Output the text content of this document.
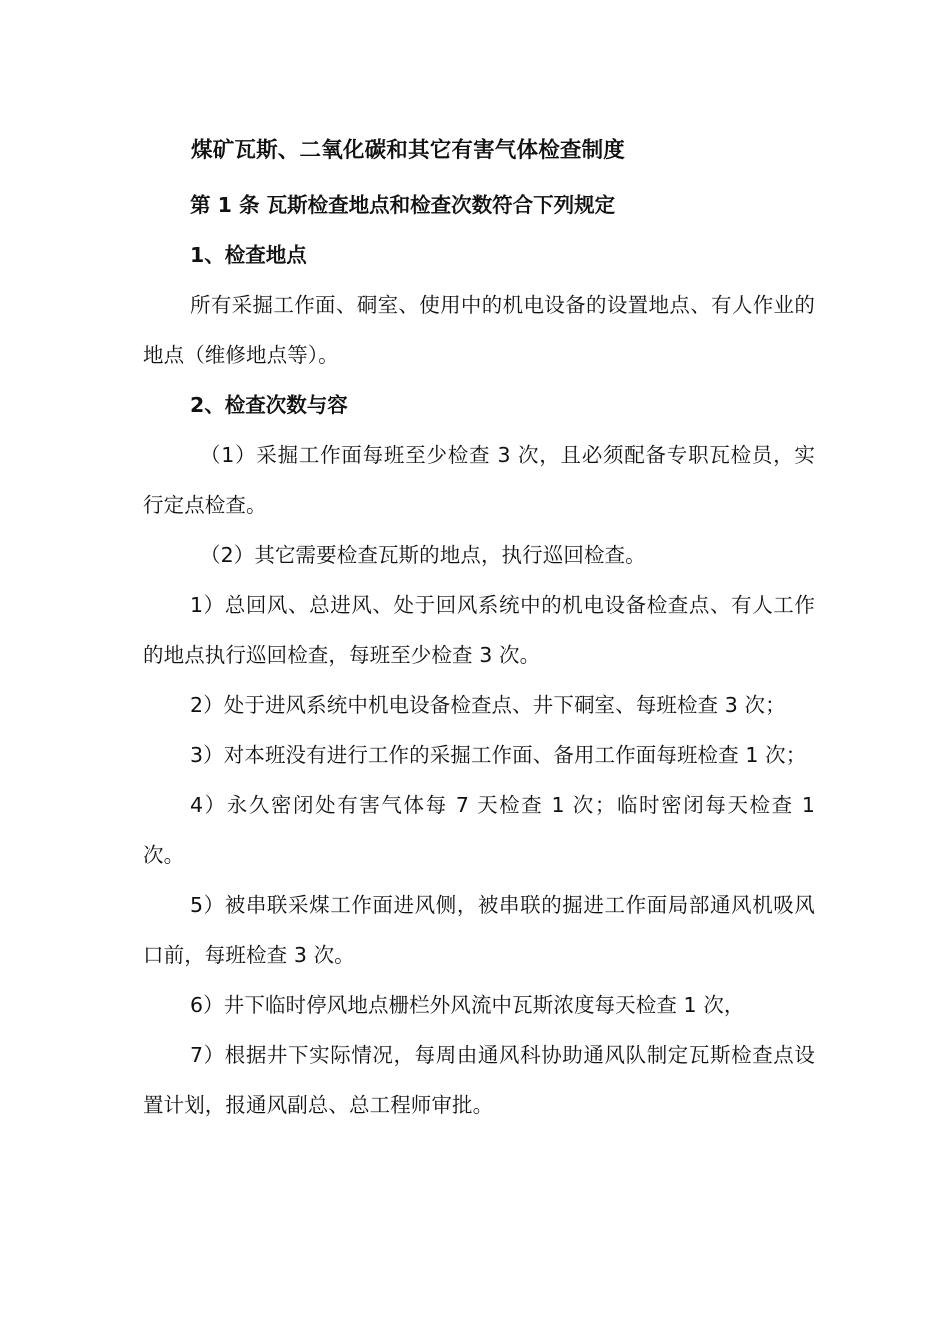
煤矿瓦斯、二氧化碳和其它有害气体检查制度
第 1 条 瓦斯检查地点和检查次数符合下列规定
1、检查地点

所有采掘工作面、硐室、使用中的机电设备的设置地点、有人作业的地点（维修地点等）。

2、检查次数与容

（1）采掘工作面每班至少检查 3 次，且必须配备专职瓦检员，实行定点检查。

（2）其它需要检查瓦斯的地点，执行巡回检查。

1）总回风、总进风、处于回风系统中的机电设备检查点、有人工作的地点执行巡回检查，每班至少检查 3 次。

2）处于进风系统中机电设备检查点、井下硐室、每班检查 3 次；

3）对本班没有进行工作的采掘工作面、备用工作面每班检查 1 次；

4）永久密闭处有害气体每 7 天检查 1 次；临时密闭每天检查 1 次。

5）被串联采煤工作面进风侧，被串联的掘进工作面局部通风机吸风口前，每班检查 3 次。

6）井下临时停风地点栅栏外风流中瓦斯浓度每天检查 1 次，

7）根据井下实际情况，每周由通风科协助通风队制定瓦斯检查点设置计划，报通风副总、总工程师审批。
